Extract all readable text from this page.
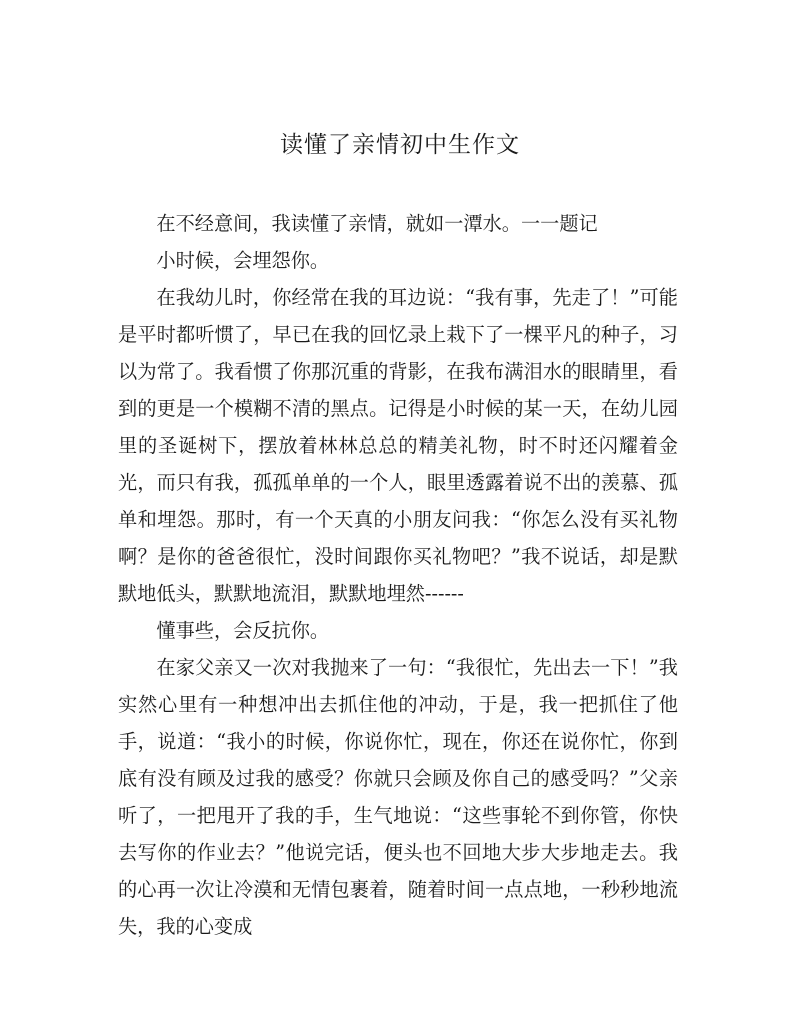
读懂了亲情初中生作文

在不经意间，我读懂了亲情，就如一潭水。一一题记

小时候，会埋怨你。

在我幼儿时，你经常在我的耳边说：“我有事，先走了！”可能是平时都听惯了，早已在我的回忆录上栽下了一棵平凡的种子，习以为常了。我看惯了你那沉重的背影，在我布满泪水的眼睛里，看到的更是一个模糊不清的黑点。记得是小时候的某一天，在幼儿园里的圣诞树下，摆放着林林总总的精美礼物，时不时还闪耀着金光，而只有我，孤孤单单的一个人，眼里透露着说不出的羡慕、孤单和埋怨。那时，有一个天真的小朋友问我：“你怎么没有买礼物啊？是你的爸爸很忙，没时间跟你买礼物吧？”我不说话，却是默默地低头，默默地流泪，默默地埋然------

懂事些，会反抗你。

在家父亲又一次对我抛来了一句：“我很忙，先出去一下！”我实然心里有一种想冲出去抓住他的冲动，于是，我一把抓住了他手，说道：“我小的时候，你说你忙，现在，你还在说你忙，你到底有没有顾及过我的感受？你就只会顾及你自己的感受吗？”父亲听了，一把甩开了我的手，生气地说：“这些事轮不到你管，你快去写你的作业去？”他说完话，便头也不回地大步大步地走去。我的心再一次让冷漠和无情包裹着，随着时间一点点地，一秒秒地流失，我的心变成
